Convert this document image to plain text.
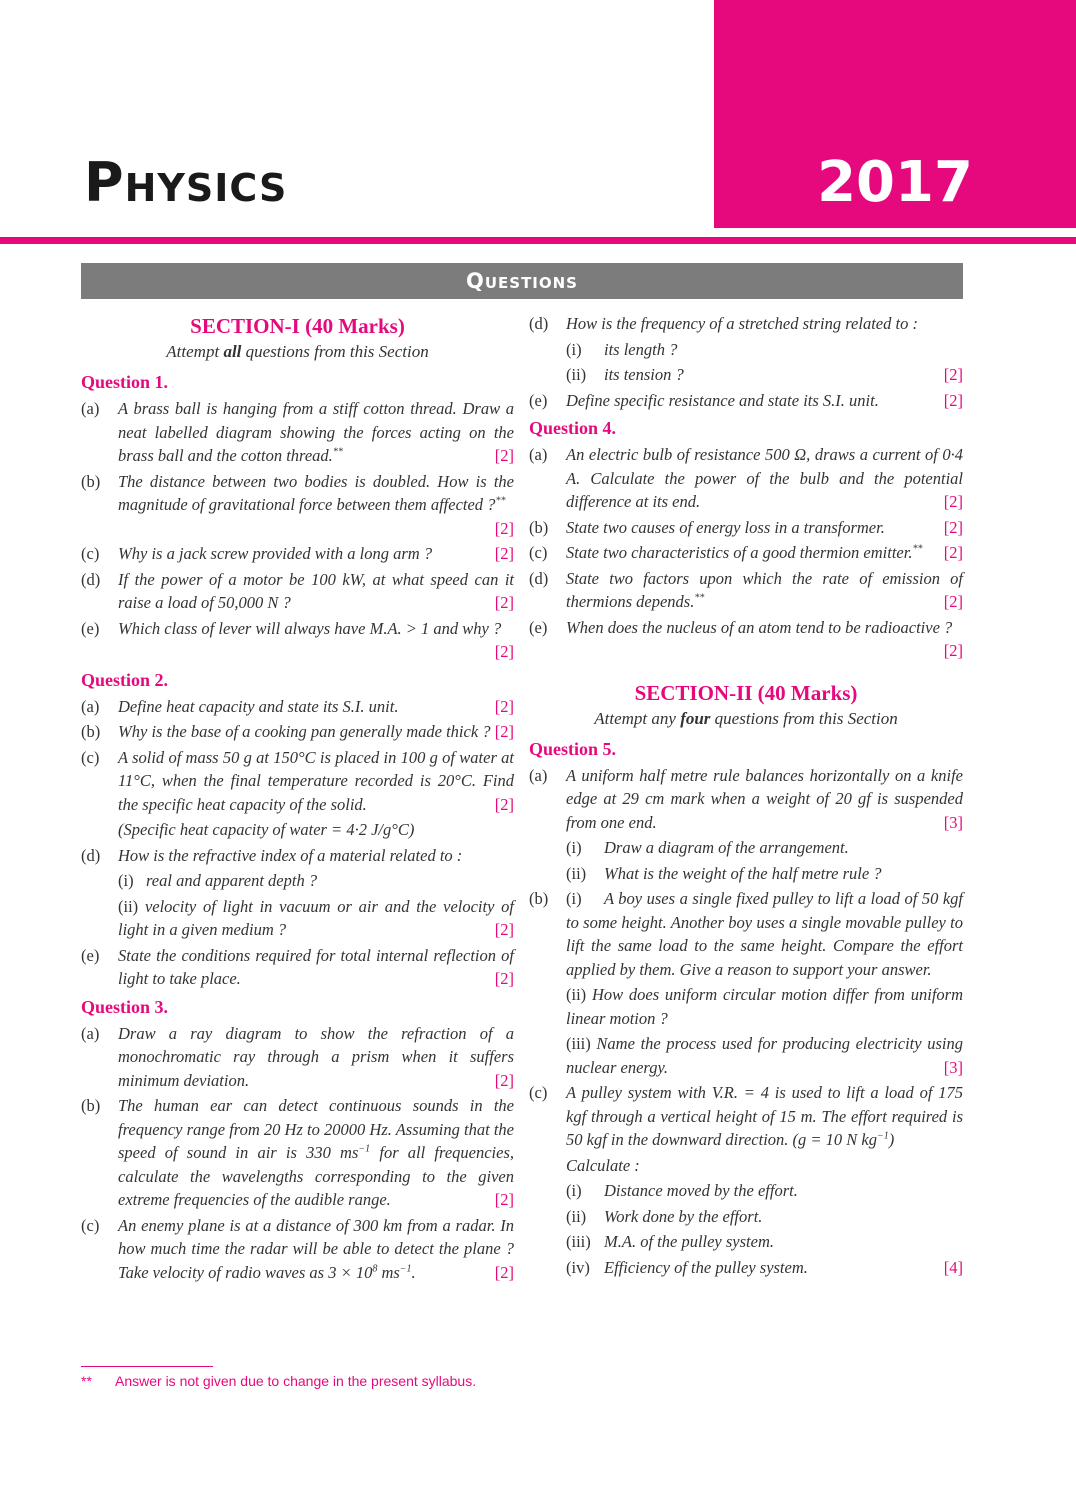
2017
Physics
Questions
SECTION-I (40 Marks)
Attempt all questions from this Section
Question 1.
(a)	A brass ball is hanging from a stiff cotton thread. Draw a neat labelled diagram showing the forces acting on the brass ball and the cotton thread.**	[2]
(b)	The distance between two bodies is doubled. How is the magnitude of gravitational force between them affected ?**
[2]
(c)	Why is a jack screw provided with a long arm ?	[2]
(d)	If the power of a motor be 100 kW, at what speed can it raise a load of 50,000 N ?	[2]
(e)	Which class of lever will always have M.A. > 1 and why ?
[2]
Question 2.
(a)	Define heat capacity and state its S.I. unit.	[2]
(b)	Why is the base of a cooking pan generally made thick ? [2]
(c)	A solid of mass 50 g at 150°C is placed in 100 g of water at 11°C, when the final temperature recorded is 20°C. Find the specific heat capacity of the solid.	[2]
(Specific heat capacity of water = 4·2 J/g°C)
(d)	How is the refractive index of a material related to :
(i) real and apparent depth ?
(ii) velocity of light in vacuum or air and the velocity of light in a given medium ?	[2]
(e)	State the conditions required for total internal reflection of light to take place.	[2]
Question 3.
(a)	Draw a ray diagram to show the refraction of a monochromatic ray through a prism when it suffers minimum deviation.	[2]
(b)	The human ear can detect continuous sounds in the frequency range from 20 Hz to 20000 Hz. Assuming that the speed of sound in air is 330 $ms^{-1}$ for all frequencies, calculate the wavelengths corresponding to the given extreme frequencies of the audible range.	[2]
(c)	An enemy plane is at a distance of 300 km from a radar. In how much time the radar will be able to detect the plane ? Take velocity of radio waves as $3 \times 10^8$ $ms^{-1}$.	[2]
(d)	How is the frequency of a stretched string related to :
(i)	its length ?
(ii)	its tension ?	[2]
(e)	Define specific resistance and state its S.I. unit.	[2]
Question 4.
(a)	An electric bulb of resistance 500 Ω, draws a current of 0·4 A. Calculate the power of the bulb and the potential difference at its end.	[2]
(b)	State two causes of energy loss in a transformer.	[2]
(c)	State two characteristics of a good thermion emitter.** [2]
(d)	State two factors upon which the rate of emission of thermions depends.**	[2]
(e)	When does the nucleus of an atom tend to be radioactive ?
[2]
SECTION-II (40 Marks)
Attempt any four questions from this Section
Question 5.
(a)	A uniform half metre rule balances horizontally on a knife edge at 29 cm mark when a weight of 20 gf is suspended from one end.	[3]
(i)	Draw a diagram of the arrangement.
(ii)	What is the weight of the half metre rule ?
(b)	(i) A boy uses a single fixed pulley to lift a load of 50 kgf to some height. Another boy uses a single movable pulley to lift the same load to the same height. Compare the effort applied by them. Give a reason to support your answer.
(ii) How does uniform circular motion differ from uniform linear motion ?
(iii) Name the process used for producing electricity using nuclear energy.	[3]
(c)	A pulley system with V.R. = 4 is used to lift a load of 175 kgf through a vertical height of 15 m. The effort required is 50 kgf in the downward direction. (g = 10 N $kg^{-1}$)
Calculate :
(i)	Distance moved by the effort.
(ii)	Work done by the effort.
(iii) M.A. of the pulley system.
(iv) Efficiency of the pulley system.	[4]
** Answer is not given due to change in the present syllabus.
